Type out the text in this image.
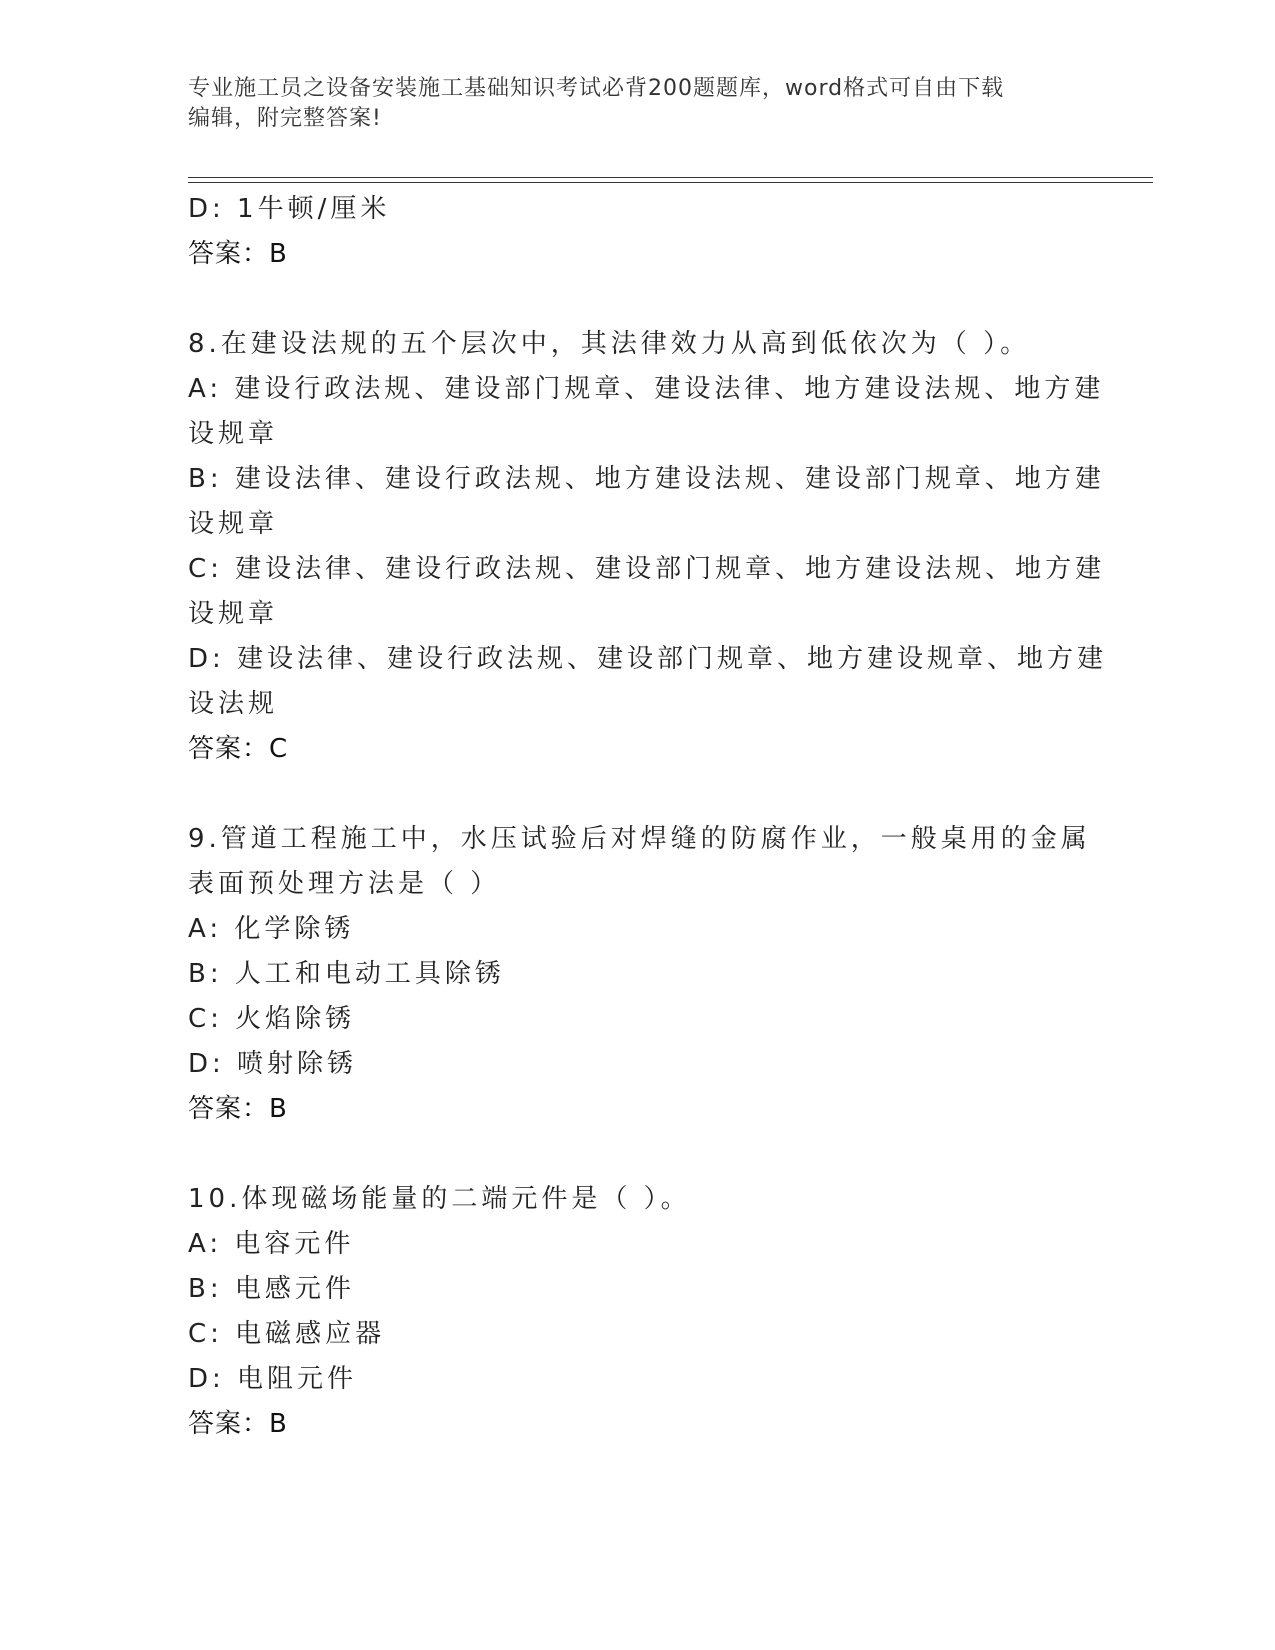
专业施工员之设备安装施工基础知识考试必背200题题库，word格式可自由下载
编辑，附完整答案!
D: 1牛顿/厘米
答案：B
8.在建设法规的五个层次中，其法律效力从高到低依次为（ ）。
A: 建设行政法规、建设部门规章、建设法律、地方建设法规、地方建
设规章
B: 建设法律、建设行政法规、地方建设法规、建设部门规章、地方建
设规章
C: 建设法律、建设行政法规、建设部门规章、地方建设法规、地方建
设规章
D: 建设法律、建设行政法规、建设部门规章、地方建设规章、地方建
设法规
答案：C
9.管道工程施工中，水压试验后对焊缝的防腐作业，一般桌用的金属
表面预处理方法是（ ）
A: 化学除锈
B: 人工和电动工具除锈
C: 火焰除锈
D: 喷射除锈
答案：B
10.体现磁场能量的二端元件是（ ）。
A: 电容元件
B: 电感元件
C: 电磁感应器
D: 电阻元件
答案：B
